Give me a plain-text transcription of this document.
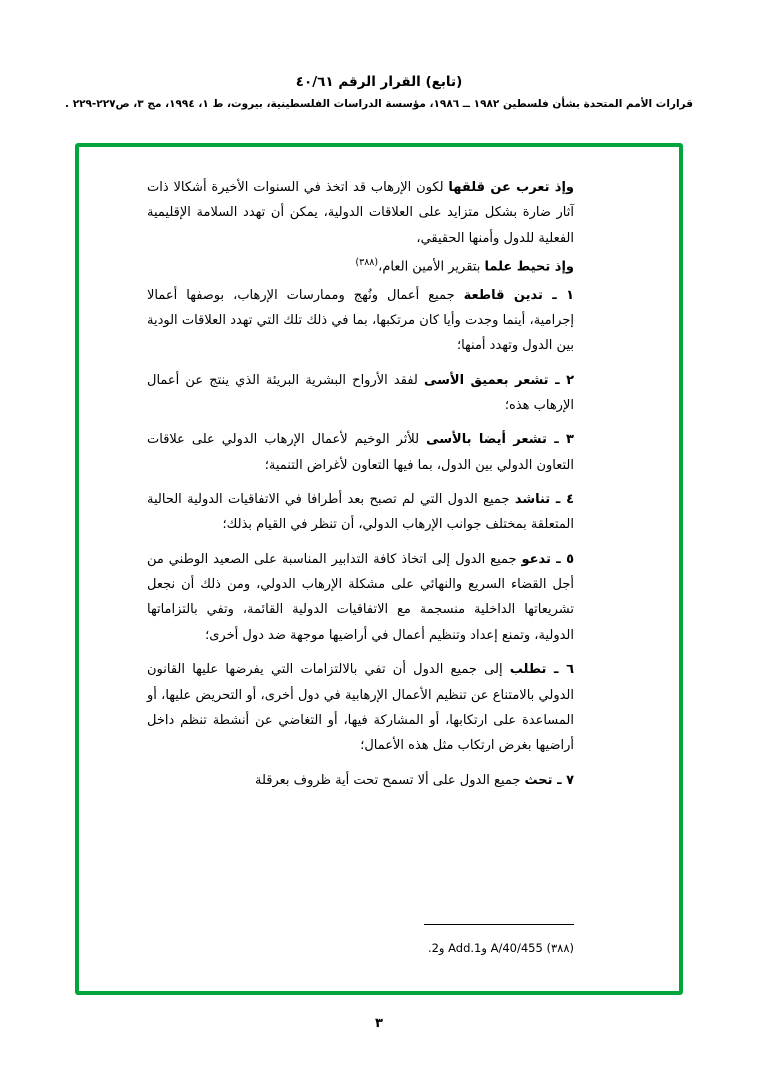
(تابع) القرار الرقم ٤٠/٦١
قرارات الأمم المتحدة بشأن فلسطين ١٩٨٢ ــ ١٩٨٦، مؤسسة الدراسات الفلسطينية، بيروت، ط ١، ١٩٩٤، مج ٣، ص٢٢٧-٢٢٩ .

وإذ تعرب عن قلقها لكون الإرهاب قد اتخذ في السنوات الأخيرة أشكالا ذات آثار ضارة بشكل متزايد على العلاقات الدولية، يمكن أن تهدد السلامة الإقليمية الفعلية للدول وأمنها الحقيقي،

وإذ تحيط علما بتقرير الأمين العام،$^{(٣٨٨)}$

١ ـ تدين قاطعة جميع أعمال ونُهج وممارسات الإرهاب، بوصفها أعمالا إجرامية، أينما وجدت وأيا كان مرتكبها، بما في ذلك تلك التي تهدد العلاقات الودية بين الدول وتهدد أمنها؛

٢ ـ تشعر بعميق الأسى لفقد الأرواح البشرية البريئة الذي ينتج عن أعمال الإرهاب هذه؛

٣ ـ تشعر أيضا بالأسى للأثر الوخيم لأعمال الإرهاب الدولي على علاقات التعاون الدولي بين الدول، بما فيها التعاون لأغراض التنمية؛

٤ ـ تناشد جميع الدول التي لم تصبح بعد أطرافا في الاتفاقيات الدولية الحالية المتعلقة بمختلف جوانب الإرهاب الدولي، أن تنظر في القيام بذلك؛

٥ ـ تدعو جميع الدول إلى اتخاذ كافة التدابير المناسبة على الصعيد الوطني من أجل القضاء السريع والنهائي على مشكلة الإرهاب الدولي، ومن ذلك أن نجعل تشريعاتها الداخلية منسجمة مع الاتفاقيات الدولية القائمة، وتفي بالتزاماتها الدولية، وتمنع إعداد وتنظيم أعمال في أراضيها موجهة ضد دول أخرى؛

٦ ـ تطلب إلى جميع الدول أن تفي بالالتزامات التي يفرضها عليها القانون الدولي بالامتناع عن تنظيم الأعمال الإرهابية في دول أخرى، أو التحريض عليها، أو المساعدة على ارتكابها، أو المشاركة فيها، أو التغاضي عن أنشطة تنظم داخل أراضيها بغرض ارتكاب مثل هذه الأعمال؛

٧ ـ تحث جميع الدول على ألا تسمح تحت أية ظروف بعرقلة

(٣٨٨) A/40/455 وAdd.1 و2.
٣
